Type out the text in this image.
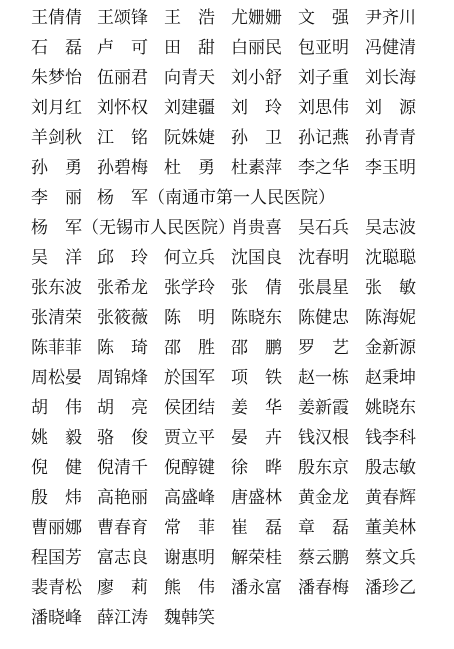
王倩倩 王颂锋 王　浩 尤姗姗 文　强 尹齐川
石　磊 卢　可 田　甜 白丽民 包亚明 冯健清
朱梦怡 伍丽君 向青天 刘小舒 刘子重 刘长海
刘月红 刘怀权 刘建疆 刘　玲 刘思伟 刘　源
羊剑秋 江　铭 阮姝婕 孙　卫 孙记燕 孙青青
孙　勇 孙碧梅 杜　勇 杜素萍 李之华 李玉明
李　丽 杨　军（南通市第一人民医院）
杨　军（无锡市人民医院）
肖贵喜 吴石兵 吴志波
吴　洋 邱　玲 何立兵 沈国良 沈春明 沈聪聪
张东波 张希龙 张学玲 张　倩 张晨星 张　敏
张清荣 张筱薇 陈　明 陈晓东 陈健忠 陈海妮
陈菲菲 陈　琦 邵　胜 邵　鹏 罗　艺 金新源
周松晏 周锦烽 於国军 项　铁 赵一栋 赵秉坤
胡　伟 胡　亮 侯团结 姜　华 姜新霞 姚晓东
姚　毅 骆　俊 贾立平 晏　卉 钱汉根 钱李科
倪　健 倪清千 倪醇键 徐　晔 殷东京 殷志敏
殷　炜 高艳丽 高盛峰 唐盛林 黄金龙 黄春辉
曹丽娜 曹春育 常　菲 崔　磊 章　磊 董美林
程国芳 富志良 谢惠明 解荣桂 蔡云鹏 蔡文兵
裴青松 廖　莉 熊　伟 潘永富 潘春梅 潘珍乙
潘晓峰 薛江涛 魏韩笑
